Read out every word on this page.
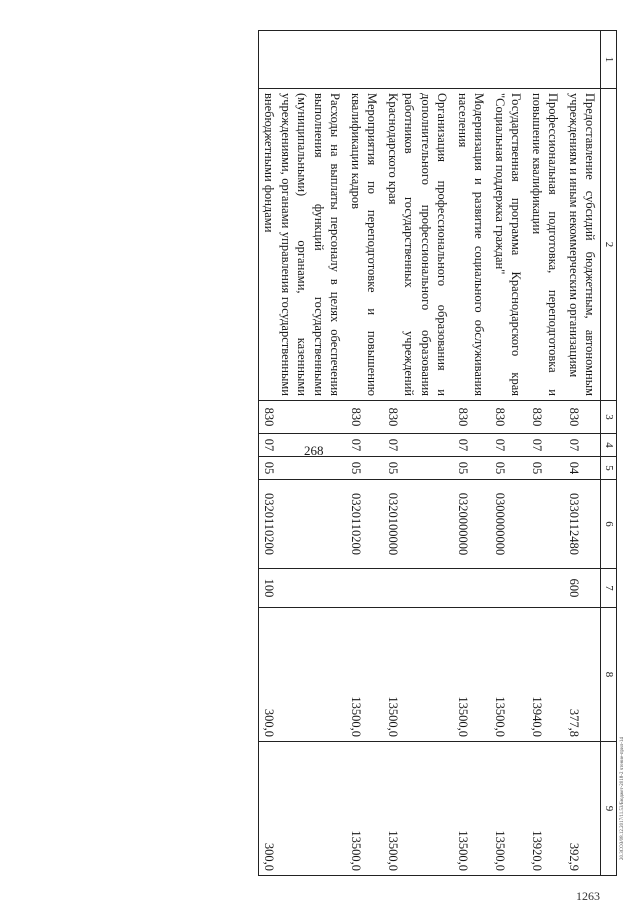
268
20.3СОЗ/08.12.2017/11.53/Бюджет-2018-2 чтение-прил-14
1263
1	2	3	4	5	6	7	8	9
	Предоставление субсидий бюджетным, автономным учреждениям и иным некоммерческим организациям	830	07	04	0330112480	600	377,8	392,9
	Профессиональная подготовка, переподготовка и повышение квалификации	830	07	05			13940,0	13920,0
	Государственная программа Краснодарского края "Социальная поддержка граждан"	830	07	05	0300000000		13500,0	13500,0
	Модернизация и развитие социального обслуживания населения	830	07	05	0320000000		13500,0	13500,0
	Организация профессионального образования и дополнительного профессионального образования работников государственных учреждений Краснодарского края	830	07	05	0320100000		13500,0	13500,0
	Мероприятия по переподготовке и повышению квалификации кадров	830	07	05	0320110200		13500,0	13500,0
	Расходы на выплаты персоналу в целях обеспечения выполнения функций государственными (муниципальными) органами, казенными учреждениями, органами управления государственными внебюджетными фондами	830	07	05	0320110200	100	300,0	300,0
